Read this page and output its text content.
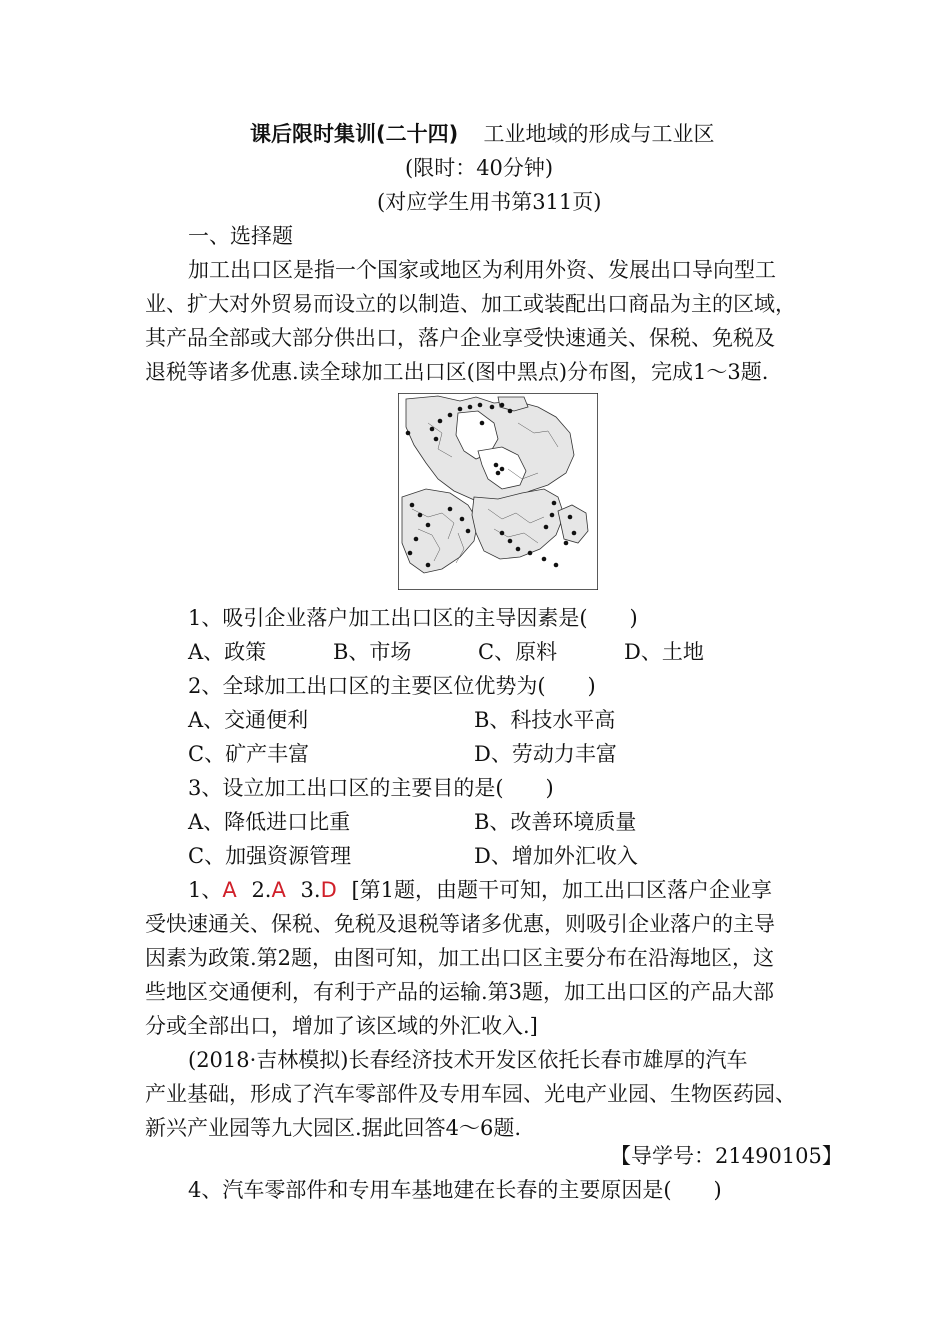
课后限时集训(二十四) 工业地域的形成与工业区
(限时：40分钟)
(对应学生用书第311页)
一、选择题
加工出口区是指一个国家或地区为利用外资、发展出口导向型工
业、扩大对外贸易而设立的以制造、加工或装配出口商品为主的区域，
其产品全部或大部分供出口，落户企业享受快速通关、保税、免税及
退税等诸多优惠.读全球加工出口区(图中黑点)分布图，完成1～3题.
1、吸引企业落户加工出口区的主导因素是(　　)
A、政策	B、市场	C、原料	D、土地
2、全球加工出口区的主要区位优势为(　　)
A、交通便利	B、科技水平高
C、矿产丰富	D、劳动力丰富
3、设立加工出口区的主要目的是(　　)
A、降低进口比重	B、改善环境质量
C、加强资源管理	D、增加外汇收入
1、A 2.A 3.D [第1题，由题干可知，加工出口区落户企业享
受快速通关、保税、免税及退税等诸多优惠，则吸引企业落户的主导
因素为政策.第2题，由图可知，加工出口区主要分布在沿海地区，这
些地区交通便利，有利于产品的运输.第3题，加工出口区的产品大部
分或全部出口，增加了该区域的外汇收入.]
(2018·吉林模拟)长春经济技术开发区依托长春市雄厚的汽车
产业基础，形成了汽车零部件及专用车园、光电产业园、生物医药园、
新兴产业园等九大园区.据此回答4～6题.
【导学号：21490105】
4、汽车零部件和专用车基地建在长春的主要原因是(　　)
